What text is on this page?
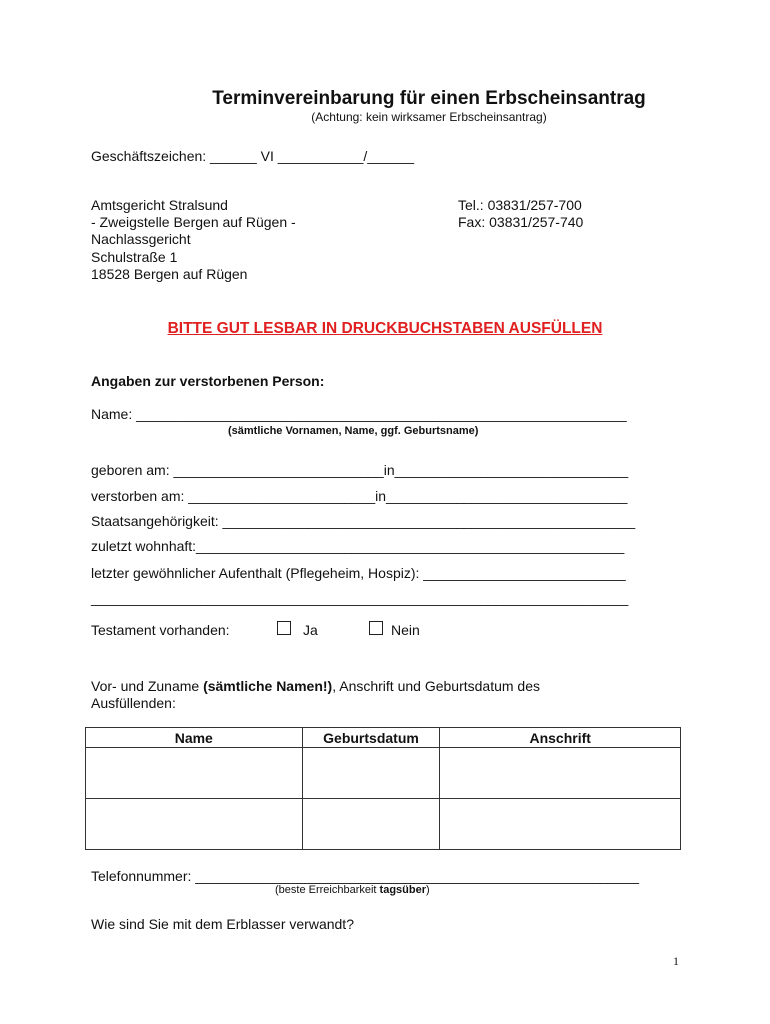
Terminvereinbarung für einen Erbscheinsantrag
(Achtung: kein wirksamer Erbscheinsantrag)
Geschäftszeichen: ______ VI ___________/______
Amtsgericht Stralsund
- Zweigstelle Bergen auf Rügen -
Nachlassgericht
Schulstraße 1
18528 Bergen auf Rügen
Tel.: 03831/257-700
Fax: 03831/257-740
BITTE GUT LESBAR IN DRUCKBUCHSTABEN AUSFÜLLEN
Angaben zur verstorbenen Person:
Name: _______________________________________________________________
(sämtliche Vornamen, Name, ggf. Geburtsname)
geboren am: ___________________________in______________________________
verstorben am: ________________________in_______________________________
Staatsangehörigkeit: _____________________________________________________
zuletzt wohnhaft:_______________________________________________________
letzter gewöhnlicher Aufenthalt (Pflegeheim, Hospiz): __________________________
_____________________________________________________________________
Testament vorhanden:	Ja	Nein
Vor- und Zuname (sämtliche Namen!), Anschrift und Geburtsdatum des
Ausfüllenden:
Name	Geburtsdatum	Anschrift

Telefonnummer: _________________________________________________________
(beste Erreichbarkeit tagsüber)
Wie sind Sie mit dem Erblasser verwandt?
1
